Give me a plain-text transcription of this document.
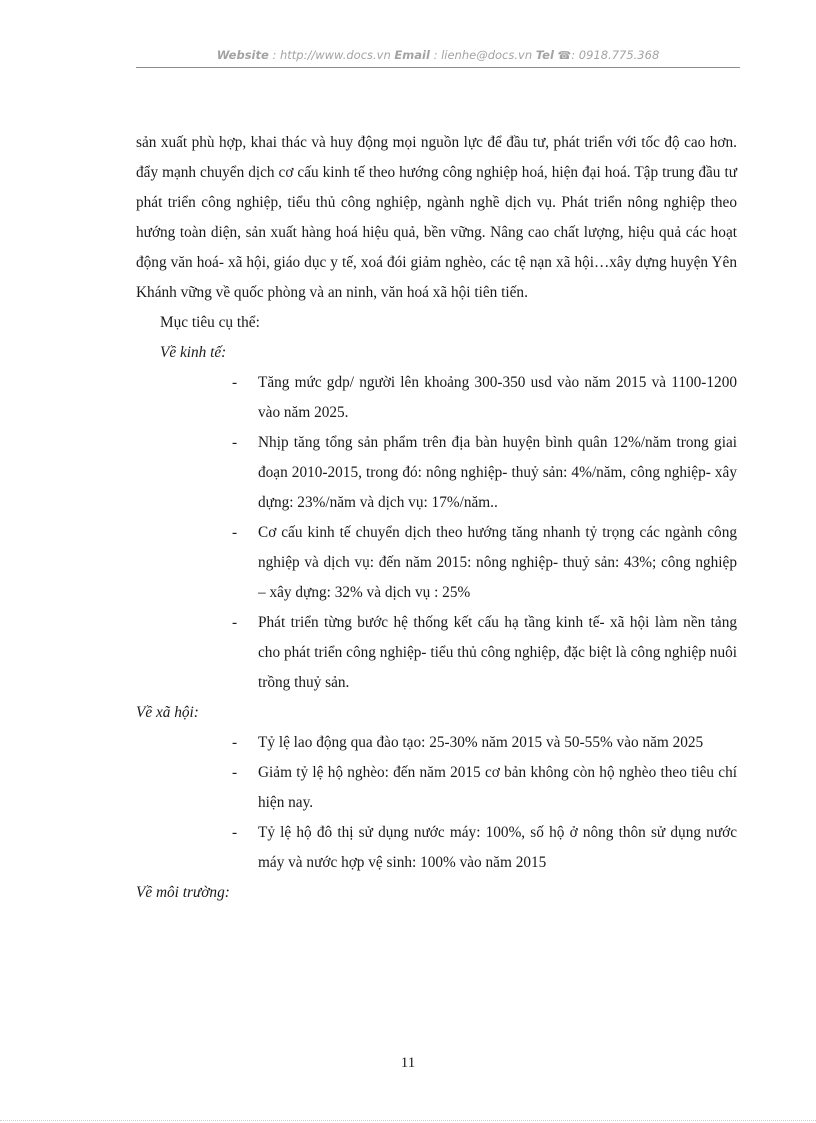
Website : http://www.docs.vn Email : lienhe@docs.vn Tel ☎: 0918.775.368

sản xuất phù hợp, khai thác và huy động mọi nguồn lực để đầu tư, phát triển với tốc độ cao hơn. đẩy mạnh chuyển dịch cơ cấu kinh tế theo hướng công nghiệp hoá, hiện đại hoá. Tập trung đầu tư phát triển công nghiệp, tiểu thủ công nghiệp, ngành nghề dịch vụ. Phát triển nông nghiệp theo hướng toàn diện, sản xuất hàng hoá hiệu quả, bền vững. Nâng cao chất lượng, hiệu quả các hoạt động văn hoá- xã hội, giáo dục y tế, xoá đói giảm nghèo, các tệ nạn xã hội…xây dựng huyện Yên Khánh vững về quốc phòng và an ninh, văn hoá xã hội tiên tiến.

Mục tiêu cụ thể:

Về kinh tế:

- Tăng mức gdp/ người lên khoảng 300-350 usd vào năm 2015 và 1100-1200 vào năm 2025.
- Nhịp tăng tổng sản phẩm trên địa bàn huyện bình quân 12%/năm trong giai đoạn 2010-2015, trong đó: nông nghiệp- thuỷ sản: 4%/năm, công nghiệp- xây dựng: 23%/năm và dịch vụ: 17%/năm..
- Cơ cấu kinh tế chuyển dịch theo hướng tăng nhanh tỷ trọng các ngành công nghiệp và dịch vụ: đến năm 2015: nông nghiệp- thuỷ sản: 43%; công nghiệp – xây dựng: 32% và dịch vụ : 25%
- Phát triển từng bước hệ thống kết cấu hạ tầng kinh tế- xã hội làm nền tảng cho phát triển công nghiệp- tiểu thủ công nghiệp, đặc biệt là công nghiệp nuôi trồng thuỷ sản.

Về xã hội:

- Tỷ lệ lao động qua đào tạo: 25-30% năm 2015 và 50-55% vào năm 2025
- Giảm tỷ lệ hộ nghèo: đến năm 2015 cơ bản không còn hộ nghèo theo tiêu chí hiện nay.
- Tỷ lệ hộ đô thị sử dụng nước máy: 100%, số hộ ở nông thôn sử dụng nước máy và nước hợp vệ sinh: 100% vào năm 2015

Về môi trường:

11
